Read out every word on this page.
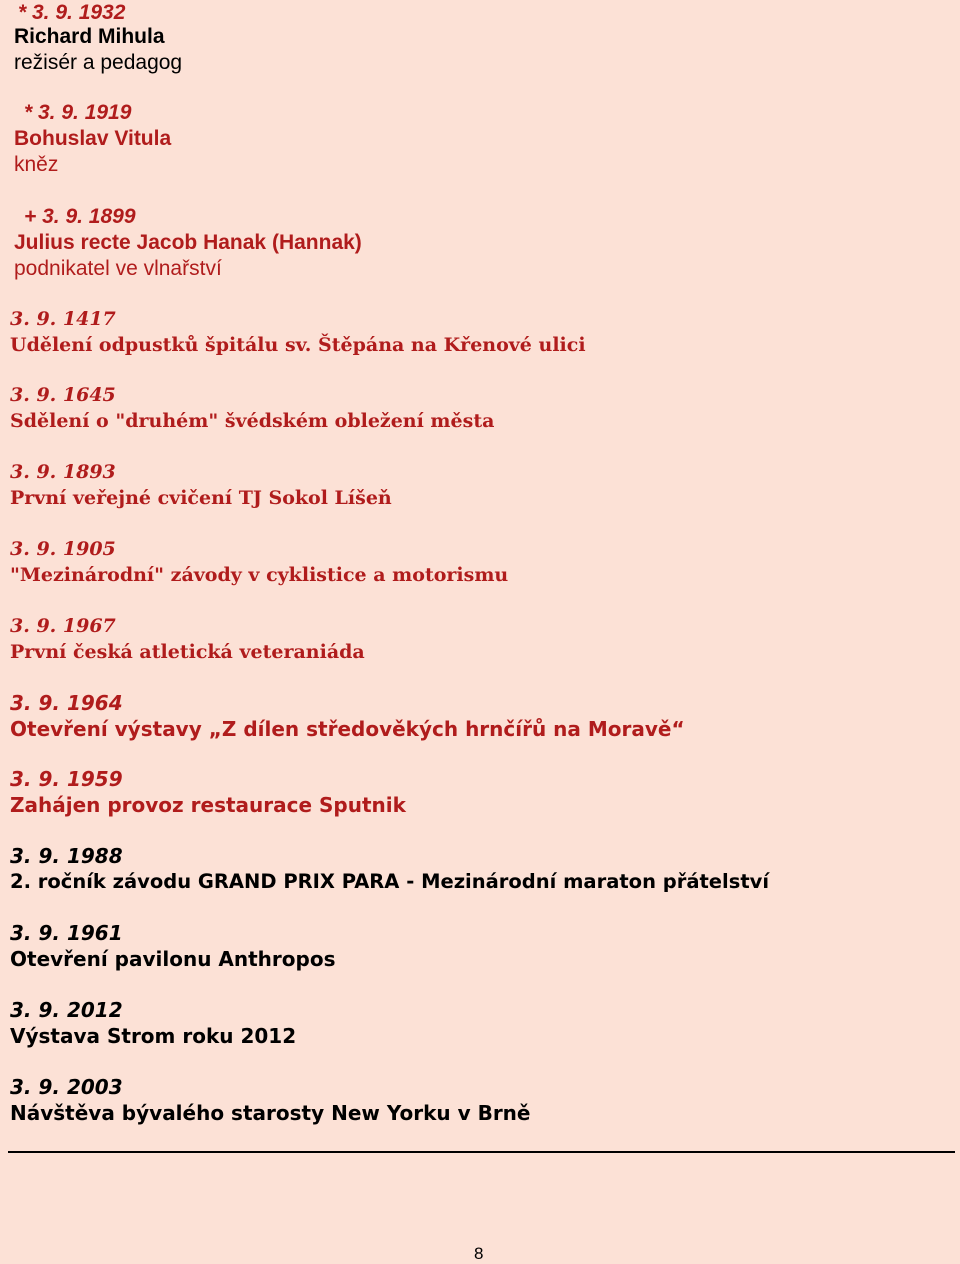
* 3. 9. 1932
Richard Mihula
režisér a pedagog
* 3. 9. 1919
Bohuslav Vitula
kněz
+ 3. 9. 1899
Julius recte Jacob Hanak (Hannak)
podnikatel ve vlnařství
3. 9. 1417
Udělení odpustků špitálu sv. Štěpána na Křenové ulici
3. 9. 1645
Sdělení o "druhém" švédském obležení města
3. 9. 1893
První veřejné cvičení TJ Sokol Líšeň
3. 9. 1905
"Mezinárodní" závody v cyklistice a motorismu
3. 9. 1967
První česká atletická veteraniáda
3. 9. 1964
Otevření výstavy „Z dílen středověkých hrnčířů na Moravě“
3. 9. 1959
Zahájen provoz restaurace Sputnik
3. 9. 1988
2. ročník závodu GRAND PRIX PARA - Mezinárodní maraton přátelství
3. 9. 1961
Otevření pavilonu Anthropos
3. 9. 2012
Výstava Strom roku 2012
3. 9. 2003
Návštěva bývalého starosty New Yorku v Brně
8
